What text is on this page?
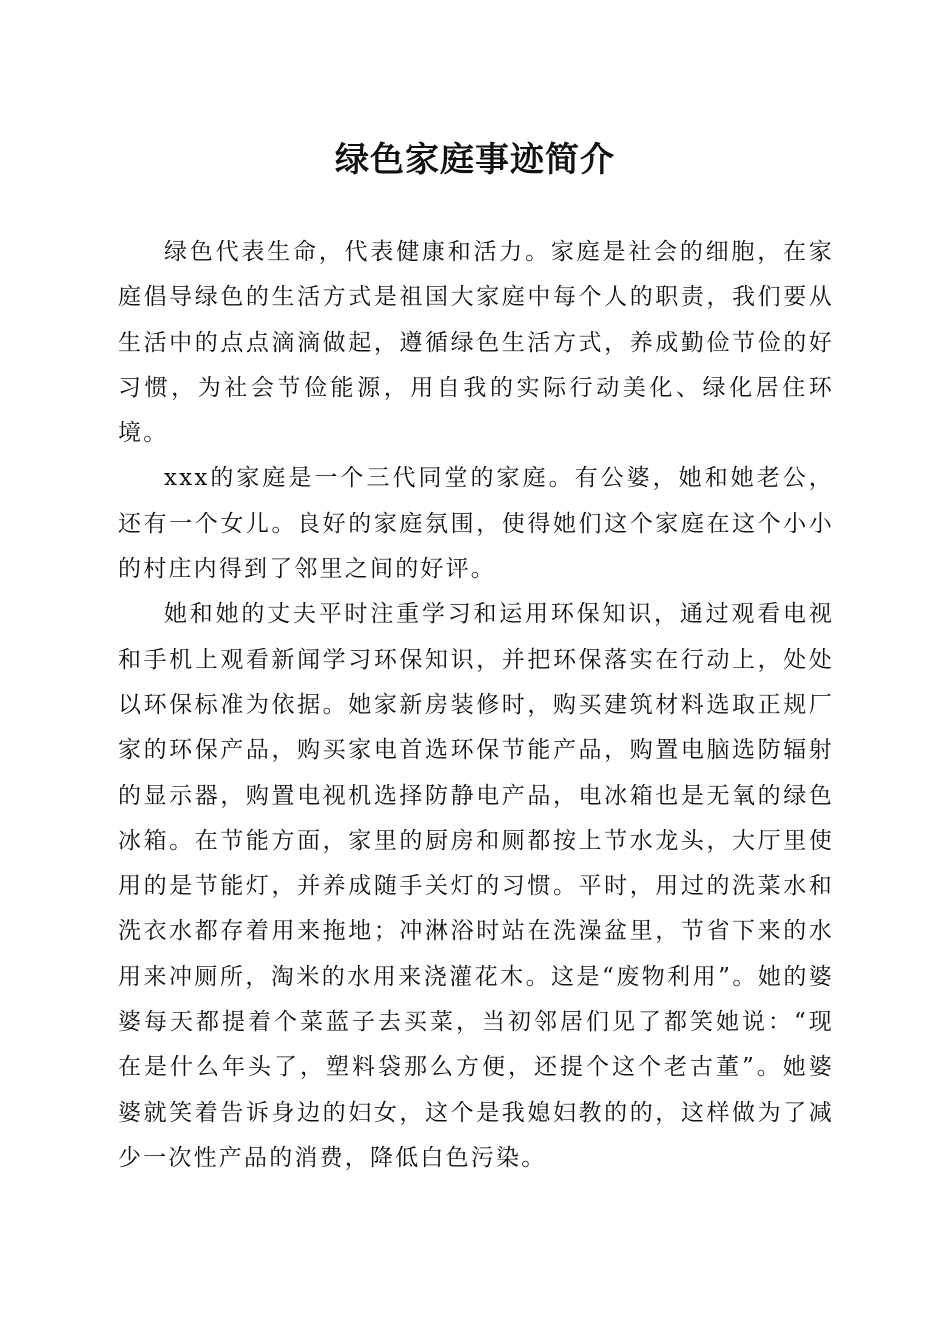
绿色家庭事迹简介

绿色代表生命，代表健康和活力。家庭是社会的细胞，在家庭倡导绿色的生活方式是祖国大家庭中每个人的职责，我们要从生活中的点点滴滴做起，遵循绿色生活方式，养成勤俭节俭的好习惯，为社会节俭能源，用自我的实际行动美化、绿化居住环境。

xxx的家庭是一个三代同堂的家庭。有公婆，她和她老公，还有一个女儿。良好的家庭氛围，使得她们这个家庭在这个小小的村庄内得到了邻里之间的好评。

她和她的丈夫平时注重学习和运用环保知识，通过观看电视和手机上观看新闻学习环保知识，并把环保落实在行动上，处处以环保标准为依据。她家新房装修时，购买建筑材料选取正规厂家的环保产品，购买家电首选环保节能产品，购置电脑选防辐射的显示器，购置电视机选择防静电产品，电冰箱也是无氧的绿色冰箱。在节能方面，家里的厨房和厕都按上节水龙头，大厅里使用的是节能灯，并养成随手关灯的习惯。平时，用过的洗菜水和洗衣水都存着用来拖地；冲淋浴时站在洗澡盆里，节省下来的水用来冲厕所，淘米的水用来浇灌花木。这是“废物利用”。她的婆婆每天都提着个菜蓝子去买菜，当初邻居们见了都笑她说：“现在是什么年头了，塑料袋那么方便，还提个这个老古董”。她婆婆就笑着告诉身边的妇女，这个是我媳妇教的的，这样做为了减少一次性产品的消费，降低白色污染。
